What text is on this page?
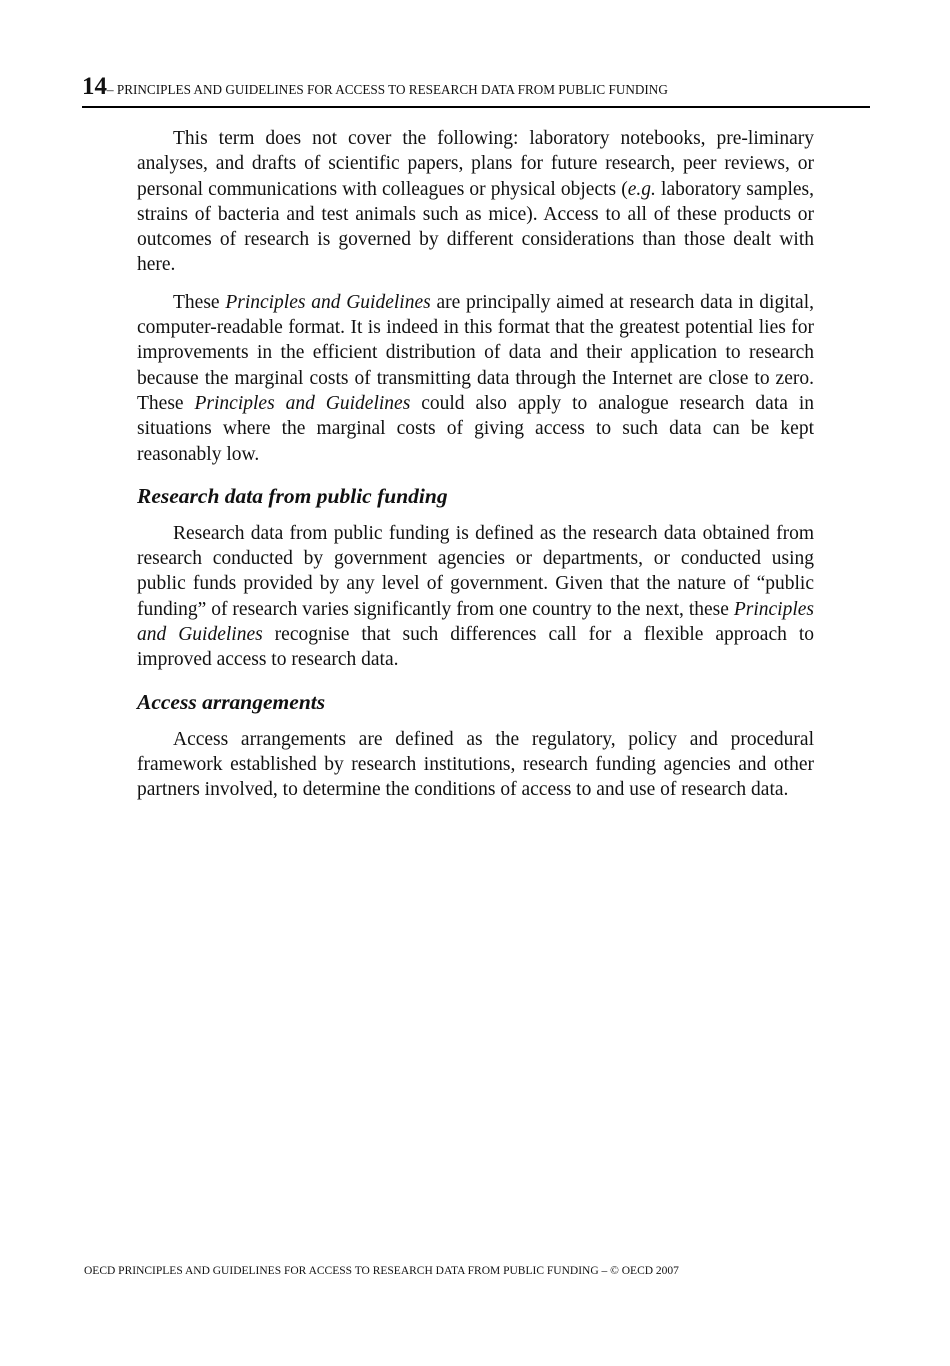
14– PRINCIPLES AND GUIDELINES FOR ACCESS TO RESEARCH DATA FROM PUBLIC FUNDING

This term does not cover the following: laboratory notebooks, pre-liminary analyses, and drafts of scientific papers, plans for future research, peer reviews, or personal communications with colleagues or physical objects (e.g. laboratory samples, strains of bacteria and test animals such as mice). Access to all of these products or outcomes of research is governed by different considerations than those dealt with here.

These Principles and Guidelines are principally aimed at research data in digital, computer-readable format. It is indeed in this format that the greatest potential lies for improvements in the efficient distribution of data and their application to research because the marginal costs of transmitting data through the Internet are close to zero. These Principles and Guidelines could also apply to analogue research data in situations where the marginal costs of giving access to such data can be kept reasonably low.

Research data from public funding

Research data from public funding is defined as the research data obtained from research conducted by government agencies or departments, or conducted using public funds provided by any level of government. Given that the nature of “public funding” of research varies significantly from one country to the next, these Principles and Guidelines recognise that such differences call for a flexible approach to improved access to research data.

Access arrangements

Access arrangements are defined as the regulatory, policy and procedural framework established by research institutions, research funding agencies and other partners involved, to determine the conditions of access to and use of research data.

OECD PRINCIPLES AND GUIDELINES FOR ACCESS TO RESEARCH DATA FROM PUBLIC FUNDING – © OECD 2007
